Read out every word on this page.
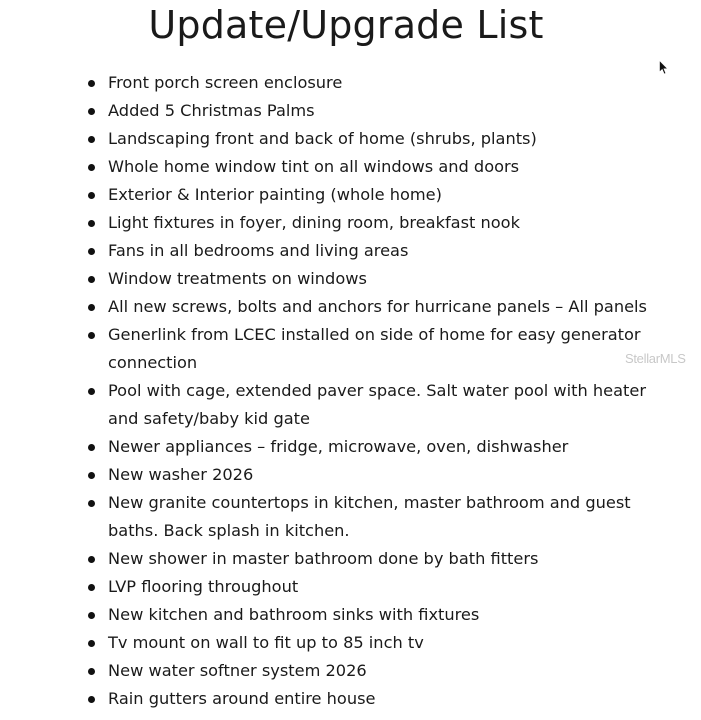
Update/Upgrade List
Front porch screen enclosure
Added 5 Christmas Palms
Landscaping front and back of home (shrubs, plants)
Whole home window tint on all windows and doors
Exterior & Interior painting (whole home)
Light fixtures in foyer, dining room, breakfast nook
Fans in all bedrooms and living areas
Window treatments on windows
All new screws, bolts and anchors for hurricane panels – All panels
Generlink from LCEC installed on side of home for easy generator
connection
Pool with cage, extended paver space. Salt water pool with heater
and safety/baby kid gate
Newer appliances – fridge, microwave, oven, dishwasher
New washer 2026
New granite countertops in kitchen, master bathroom and guest
baths. Back splash in kitchen.
New shower in master bathroom done by bath fitters
LVP flooring throughout
New kitchen and bathroom sinks with fixtures
Tv mount on wall to fit up to 85 inch tv
New water softner system 2026
Rain gutters around entire house
StellarMLS
